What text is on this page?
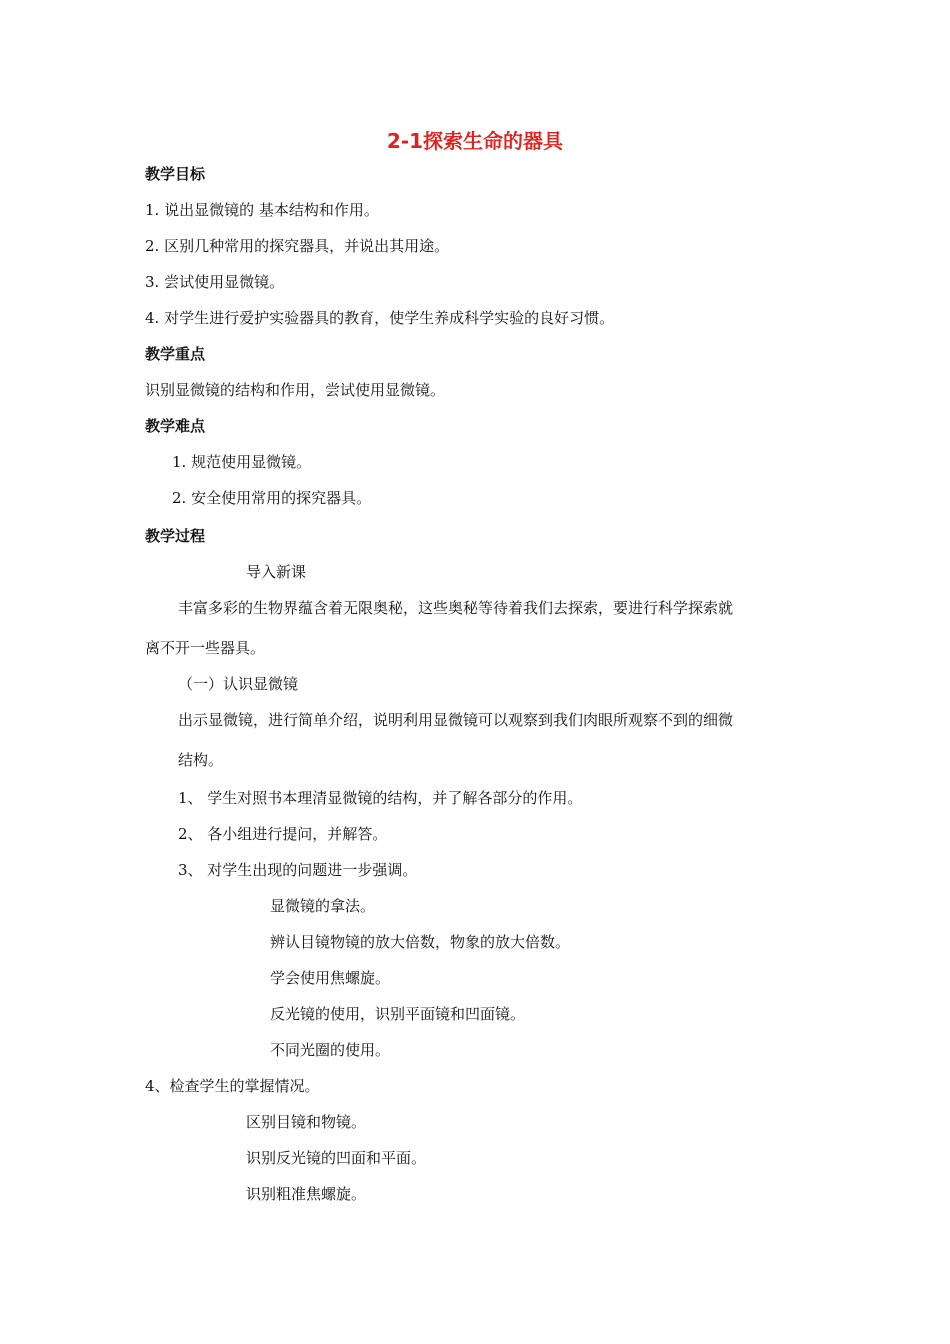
2-1探索生命的器具
教学目标
1. 说出显微镜的 基本结构和作用。
2. 区别几种常用的探究器具，并说出其用途。
3. 尝试使用显微镜。
4. 对学生进行爱护实验器具的教育，使学生养成科学实验的良好习惯。
教学重点
识别显微镜的结构和作用，尝试使用显微镜。
教学难点
1. 规范使用显微镜。
2. 安全使用常用的探究器具。
教学过程
导入新课
丰富多彩的生物界蕴含着无限奥秘，这些奥秘等待着我们去探索，要进行科学探索就
离不开一些器具。
（一）认识显微镜
出示显微镜，进行简单介绍，说明利用显微镜可以观察到我们肉眼所观察不到的细微
结构。
1、 学生对照书本理清显微镜的结构，并了解各部分的作用。
2、 各小组进行提问，并解答。
3、 对学生出现的问题进一步强调。
显微镜的拿法。
辨认目镜物镜的放大倍数，物象的放大倍数。
学会使用焦螺旋。
反光镜的使用，识别平面镜和凹面镜。
不同光圈的使用。
4、检查学生的掌握情况。
区别目镜和物镜。
识别反光镜的凹面和平面。
识别粗准焦螺旋。
